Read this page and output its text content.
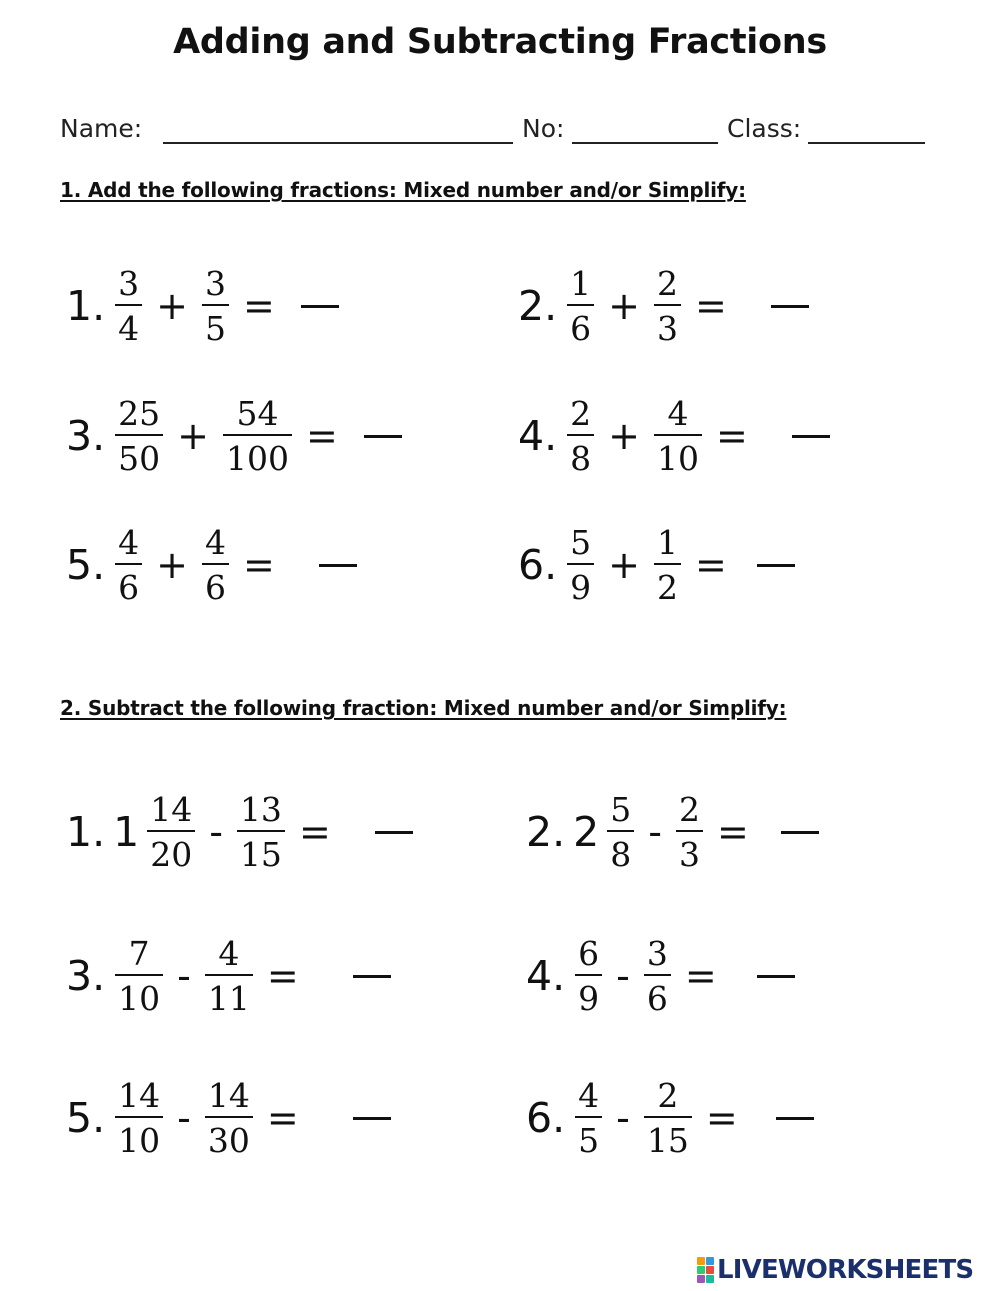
Adding and Subtracting Fractions
Name:	No:	Class:
1. Add the following fractions: Mixed number and/or Simplify:
1. $\frac{3}{4} + \frac{3}{5}$ =	2. $\frac{1}{6} + \frac{2}{3}$ =
3. $\frac{25}{50} + \frac{54}{100}$ =	4. $\frac{2}{8} + \frac{4}{10}$ =
5. $\frac{4}{6} + \frac{4}{6}$ =	6. $\frac{5}{9} + \frac{1}{2}$ =
2. Subtract the following fraction: Mixed number and/or Simplify:
1. $1 \frac{14}{20} - \frac{13}{15}$ =	2. $2 \frac{5}{8} - \frac{2}{3}$ =
3. $\frac{7}{10} - \frac{4}{11}$ =	4. $\frac{6}{9} - \frac{3}{6}$ =
5. $\frac{14}{10} - \frac{14}{30}$ =	6. $\frac{4}{5} - \frac{2}{15}$ =
LIVEWORKSHEETS
